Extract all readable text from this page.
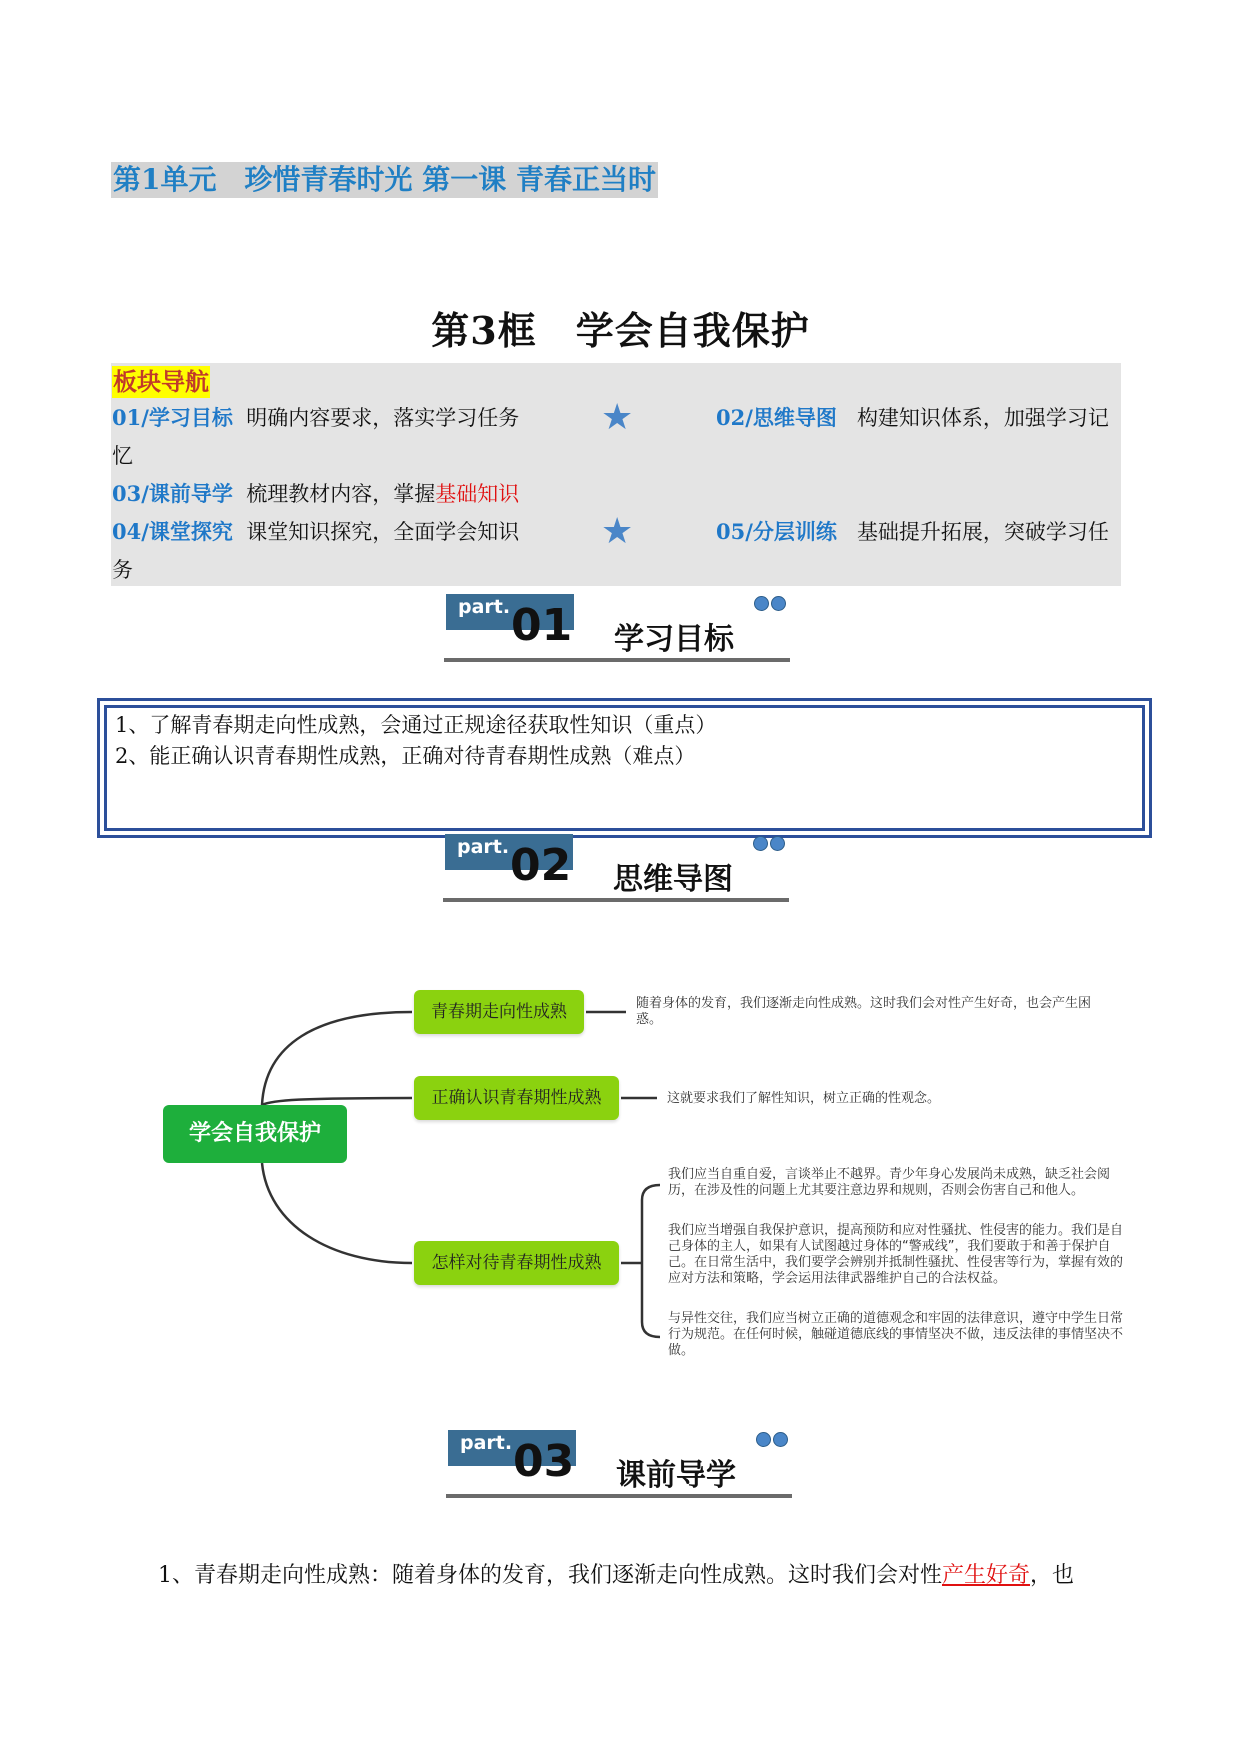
第1单元　珍惜青春时光 第一课 青春正当时
第3框　学会自我保护
板块导航
01/学习目标 明确内容要求，落实学习任务 ★	02/思维导图 构建知识体系，加强学习记
忆
03/课前导学 梳理教材内容，掌握基础知识
04/课堂探究 课堂知识探究，全面学会知识 ★	05/分层训练 基础提升拓展，突破学习任
务
part. 01 学习目标
1、了解青春期走向性成熟，会通过正规途径获取性知识（重点）
2、能正确认识青春期性成熟，正确对待青春期性成熟（难点）
part. 02 思维导图
学会自我保护
青春期走向性成熟
正确认识青春期性成熟
怎样对待青春期性成熟
随着身体的发育，我们逐渐走向性成熟。这时我们会对性产生好奇，也会产生困
惑。
这就要求我们了解性知识，树立正确的性观念。
我们应当自重自爱，言谈举止不越界。青少年身心发展尚未成熟，缺乏社会阅
历，在涉及性的问题上尤其要注意边界和规则，否则会伤害自己和他人。
我们应当增强自我保护意识，提高预防和应对性骚扰、性侵害的能力。我们是自
己身体的主人，如果有人试图越过身体的“警戒线”，我们要敢于和善于保护自
己。在日常生活中，我们要学会辨别并抵制性骚扰、性侵害等行为，掌握有效的
应对方法和策略，学会运用法律武器维护自己的合法权益。
与异性交往，我们应当树立正确的道德观念和牢固的法律意识，遵守中学生日常
行为规范。在任何时候，触碰道德底线的事情坚决不做，违反法律的事情坚决不
做。
part. 03 课前导学
1、青春期走向性成熟：随着身体的发育，我们逐渐走向性成熟。这时我们会对性产生好奇，也
